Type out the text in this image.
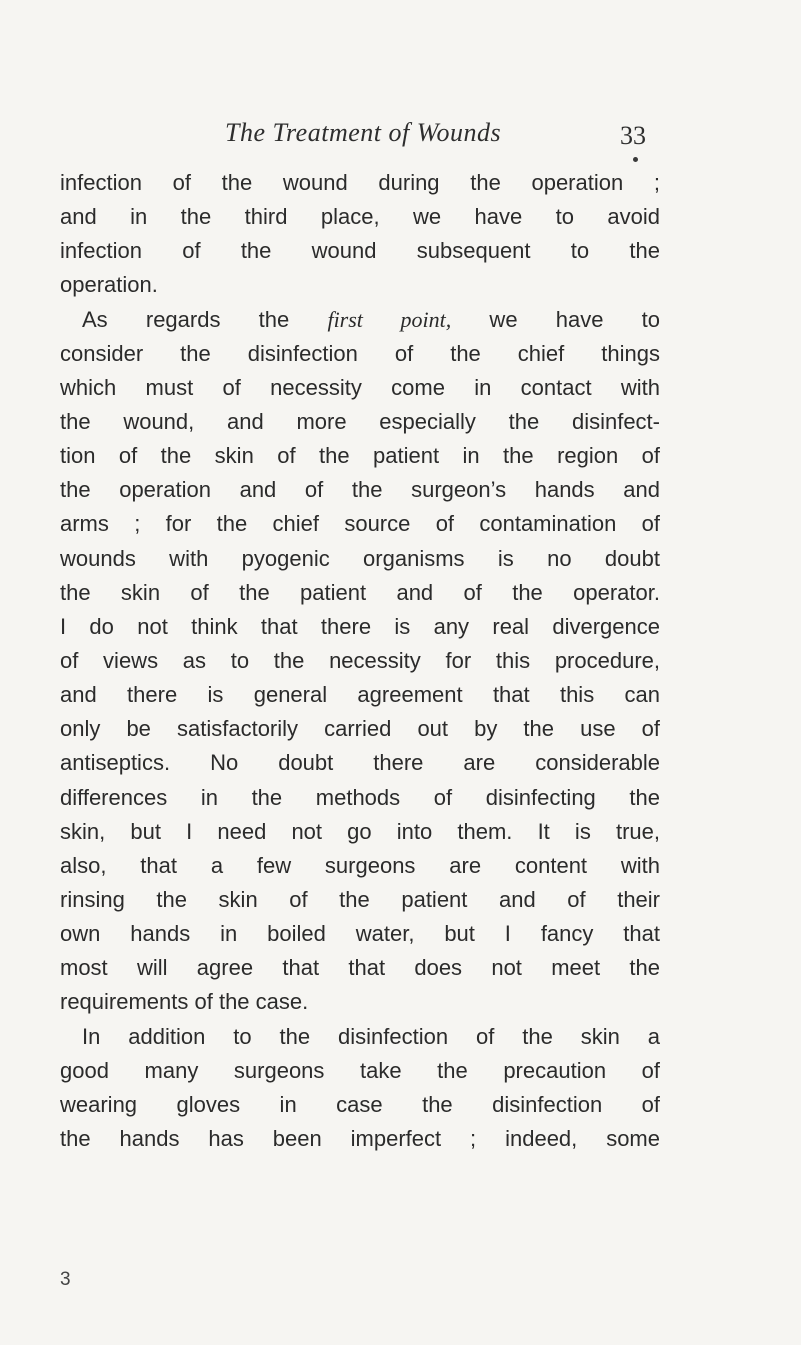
The Treatment of Wounds	33
infection of the wound during the operation ;
and in the third place, we have to avoid
infection of the wound subsequent to the
operation.
As regards the first point, we have to
consider the disinfection of the chief things
which must of necessity come in contact with
the wound, and more especially the disinfect-
tion of the skin of the patient in the region of
the operation and of the surgeon’s hands and
arms ; for the chief source of contamination of
wounds with pyogenic organisms is no doubt
the skin of the patient and of the operator.
I do not think that there is any real divergence
of views as to the necessity for this procedure,
and there is general agreement that this can
only be satisfactorily carried out by the use of
antiseptics. No doubt there are considerable
differences in the methods of disinfecting the
skin, but I need not go into them. It is true,
also, that a few surgeons are content with
rinsing the skin of the patient and of their
own hands in boiled water, but I fancy that
most will agree that that does not meet the
requirements of the case.
In addition to the disinfection of the skin a
good many surgeons take the precaution of
wearing gloves in case the disinfection of
the hands has been imperfect ; indeed, some
3
